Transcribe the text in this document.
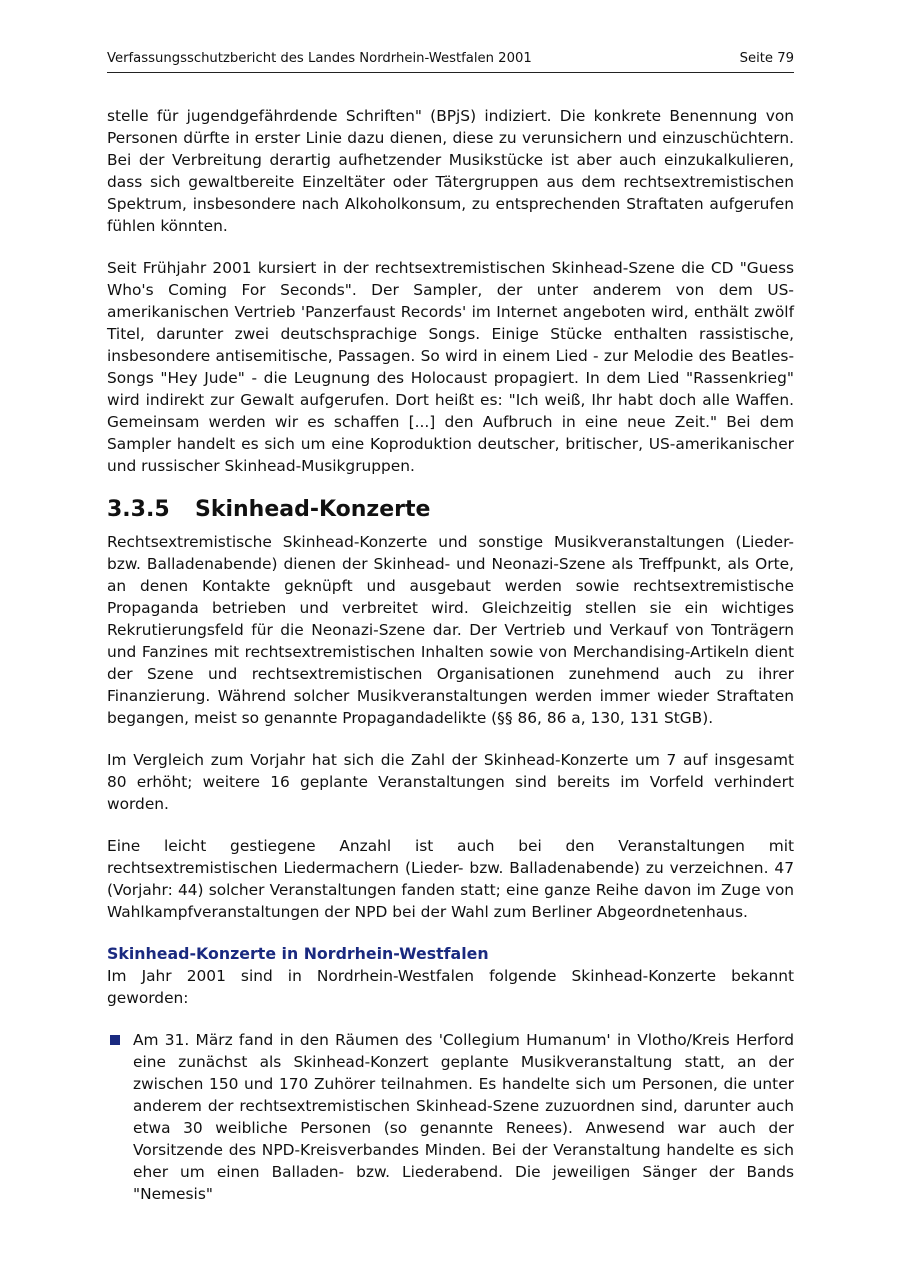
Verfassungsschutzbericht des Landes Nordrhein-Westfalen 2001	Seite 79

stelle für jugendgefährdende Schriften" (BPjS) indiziert. Die konkrete Benennung von Personen dürfte in erster Linie dazu dienen, diese zu verunsichern und einzuschüchtern. Bei der Verbreitung derartig aufhetzender Musikstücke ist aber auch einzukalkulieren, dass sich gewaltbereite Einzeltäter oder Tätergruppen aus dem rechtsextremistischen Spektrum, insbesondere nach Alkoholkonsum, zu entsprechenden Straftaten aufgerufen fühlen könnten.

Seit Frühjahr 2001 kursiert in der rechtsextremistischen Skinhead-Szene die CD "Guess Who's Coming For Seconds". Der Sampler, der unter anderem von dem US-amerikanischen Vertrieb 'Panzerfaust Records' im Internet angeboten wird, enthält zwölf Titel, darunter zwei deutschsprachige Songs. Einige Stücke enthalten rassistische, insbesondere antisemitische, Passagen. So wird in einem Lied - zur Melodie des Beatles-Songs "Hey Jude" - die Leugnung des Holocaust propagiert. In dem Lied "Rassenkrieg" wird indirekt zur Gewalt aufgerufen. Dort heißt es: "Ich weiß, Ihr habt doch alle Waffen. Gemeinsam werden wir es schaffen [...] den Aufbruch in eine neue Zeit." Bei dem Sampler handelt es sich um eine Koproduktion deutscher, britischer, US-amerikanischer und russischer Skinhead-Musikgruppen.

3.3.5	Skinhead-Konzerte

Rechtsextremistische Skinhead-Konzerte und sonstige Musikveranstaltungen (Lieder- bzw. Balladenabende) dienen der Skinhead- und Neonazi-Szene als Treffpunkt, als Orte, an denen Kontakte geknüpft und ausgebaut werden sowie rechtsextremistische Propaganda betrieben und verbreitet wird. Gleichzeitig stellen sie ein wichtiges Rekrutierungsfeld für die Neonazi-Szene dar. Der Vertrieb und Verkauf von Tonträgern und Fanzines mit rechtsextremistischen Inhalten sowie von Merchandising-Artikeln dient der Szene und rechtsextremistischen Organisationen zunehmend auch zu ihrer Finanzierung. Während solcher Musikveranstaltungen werden immer wieder Straftaten begangen, meist so genannte Propagandadelikte (§§ 86, 86 a, 130, 131 StGB).

Im Vergleich zum Vorjahr hat sich die Zahl der Skinhead-Konzerte um 7 auf insgesamt 80 erhöht; weitere 16 geplante Veranstaltungen sind bereits im Vorfeld verhindert worden.

Eine leicht gestiegene Anzahl ist auch bei den Veranstaltungen mit rechtsextremistischen Liedermachern (Lieder- bzw. Balladenabende) zu verzeichnen. 47 (Vorjahr: 44) solcher Veranstaltungen fanden statt; eine ganze Reihe davon im Zuge von Wahlkampfveranstaltungen der NPD bei der Wahl zum Berliner Abgeordnetenhaus.

Skinhead-Konzerte in Nordrhein-Westfalen

Im Jahr 2001 sind in Nordrhein-Westfalen folgende Skinhead-Konzerte bekannt geworden:

Am 31. März fand in den Räumen des 'Collegium Humanum' in Vlotho/Kreis Herford eine zunächst als Skinhead-Konzert geplante Musikveranstaltung statt, an der zwischen 150 und 170 Zuhörer teilnahmen. Es handelte sich um Personen, die unter anderem der rechtsextremistischen Skinhead-Szene zuzuordnen sind, darunter auch etwa 30 weibliche Personen (so genannte Renees). Anwesend war auch der Vorsitzende des NPD-Kreisverbandes Minden. Bei der Veranstaltung handelte es sich eher um einen Balladen- bzw. Liederabend. Die jeweiligen Sänger der Bands "Nemesis"
